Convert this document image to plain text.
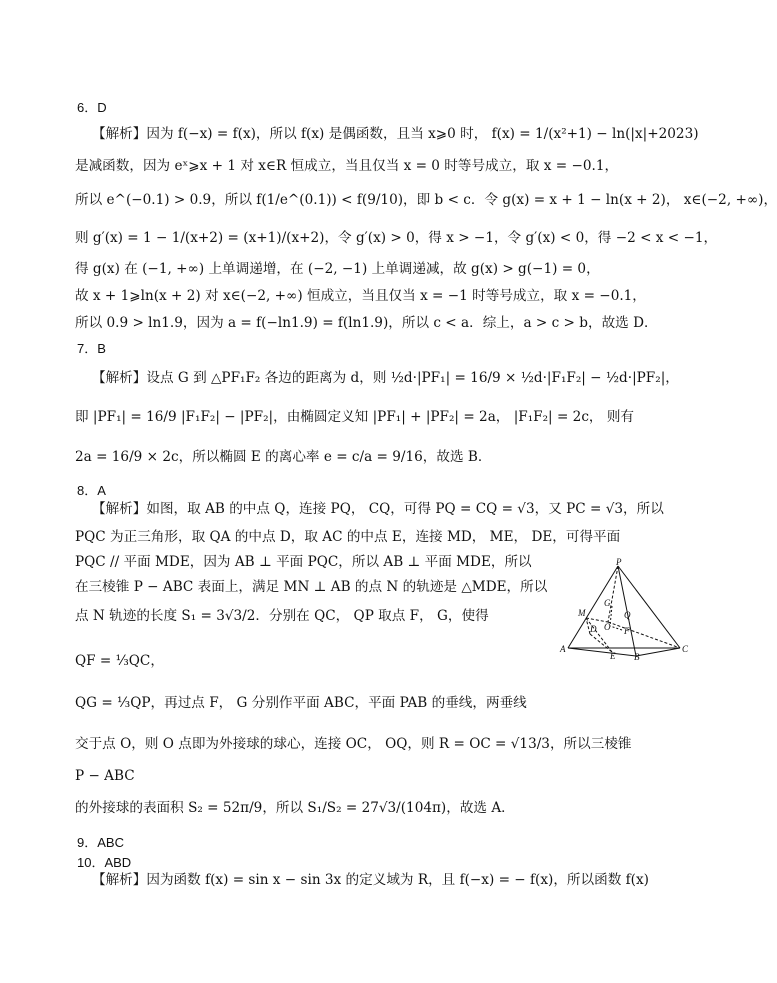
6．D
【解析】因为 f(−x) = f(x)，所以 f(x) 是偶函数，且当 x⩾0 时， f(x) = 1/(x²+1) − ln(|x|+2023)
是减函数，因为 eˣ⩾x + 1 对 x∈R 恒成立，当且仅当 x = 0 时等号成立，取 x = −0.1，
所以 e^(−0.1) > 0.9，所以 f(1/e^(0.1)) < f(9/10)，即 b < c．令 g(x) = x + 1 − ln(x + 2)， x∈(−2, +∞)，
则 g′(x) = 1 − 1/(x+2) = (x+1)/(x+2)，令 g′(x) > 0，得 x > −1，令 g′(x) < 0，得 −2 < x < −1，
得 g(x) 在 (−1, +∞) 上单调递增，在 (−2, −1) 上单调递减，故 g(x) > g(−1) = 0，
故 x + 1⩾ln(x + 2) 对 x∈(−2, +∞) 恒成立，当且仅当 x = −1 时等号成立，取 x = −0.1，
所以 0.9 > ln1.9，因为 a = f(−ln1.9) = f(ln1.9)，所以 c < a．综上，a > c > b，故选 D．
7．B
【解析】设点 G 到 △PF₁F₂ 各边的距离为 d，则 ½d·|PF₁| = 16/9 × ½d·|F₁F₂| − ½d·|PF₂|，
即 |PF₁| = 16/9 |F₁F₂| − |PF₂|，由椭圆定义知 |PF₁| + |PF₂| = 2a， |F₁F₂| = 2c， 则有
2a = 16/9 × 2c，所以椭圆 E 的离心率 e = c/a = 9/16，故选 B．
8．A
【解析】如图，取 AB 的中点 Q，连接 PQ， CQ，可得 PQ = CQ = √3，又 PC = √3，所以
PQC 为正三角形，取 QA 的中点 D，取 AC 的中点 E，连接 MD， ME， DE，可得平面
PQC // 平面 MDE，因为 AB ⊥ 平面 PQC，所以 AB ⊥ 平面 MDE，所以
在三棱锥 P − ABC 表面上，满足 MN ⊥ AB 的点 N 的轨迹是 △MDE，所以
点 N 轨迹的长度 S₁ = 3√3/2．分别在 QC， QP 取点 F， G，使得
QF = ⅓QC，
QG = ⅓QP，再过点 F， G 分别作平面 ABC，平面 PAB 的垂线，两垂线
交于点 O，则 O 点即为外接球的球心，连接 OC， OQ，则 R = OC = √13/3，所以三棱锥
P − ABC
的外接球的表面积 S₂ = 52π/9，所以 S₁/S₂ = 27√3/(104π)，故选 A．
P
M
G
Q
D	F
A
E
C
B
O
9．ABC
10．ABD
【解析】因为函数 f(x) = sin x − sin 3x 的定义域为 R，且 f(−x) = − f(x)，所以函数 f(x)
